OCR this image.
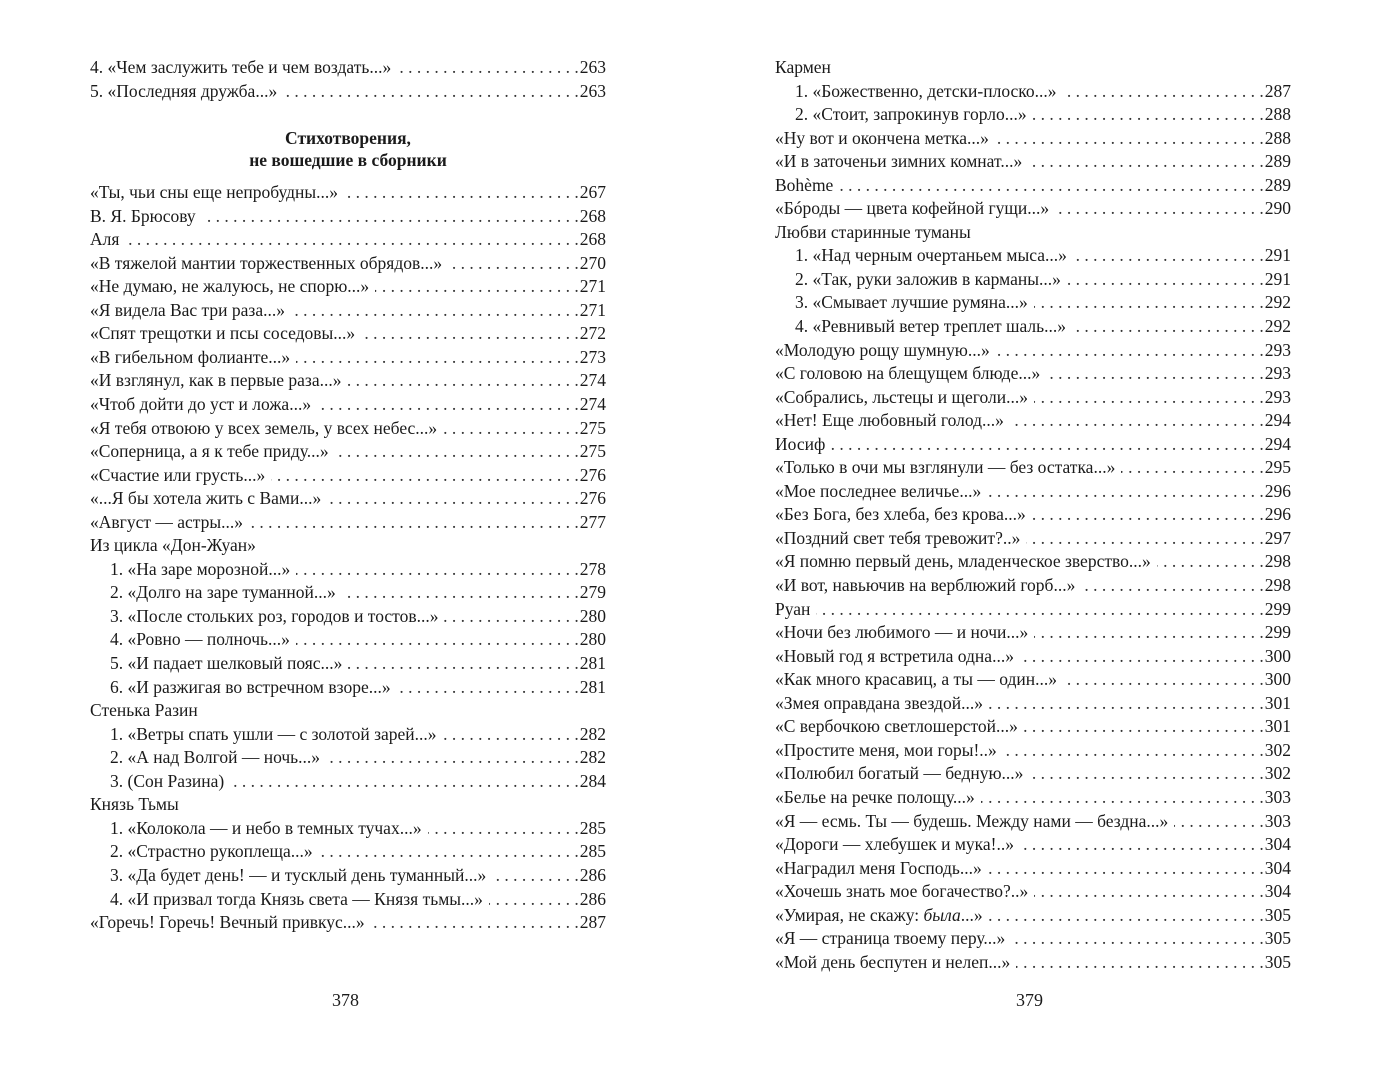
4. «Чем заслужить тебе и чем воздать...» . . .	263
5. «Последняя дружба...» . . .	263
Стихотворения,
не вошедшие в сборники
«Ты, чьи сны еще непробудны...» . . .	267
В. Я. Брюсову . . .	268
Аля . . .	268
«В тяжелой мантии торжественных обрядов...» . . .	270
«Не думаю, не жалуюсь, не спорю...» . . .	271
«Я видела Вас три раза...» . . .	271
«Спят трещотки и псы соседовы...» . . .	272
«В гибельном фолианте...» . . .	273
«И взглянул, как в первые раза...» . . .	274
«Чтоб дойти до уст и ложа...» . . .	274
«Я тебя отвоюю у всех земель, у всех небес...» . . .	275
«Соперница, а я к тебе приду...» . . .	275
«Счастие или грусть...» . . .	276
«...Я бы хотела жить с Вами...» . . .	276
«Август — астры...» . . .	277
Из цикла «Дон-Жуан»
1. «На заре морозной...» . . .	278
2. «Долго на заре туманной...» . . .	279
3. «После стольких роз, городов и тостов...» . . .	280
4. «Ровно — полночь...» . . .	280
5. «И падает шелковый пояс...» . . .	281
6. «И разжигая во встречном взоре...» . . .	281
Стенька Разин
1. «Ветры спать ушли — с золотой зарей...» . . .	282
2. «А над Волгой — ночь...» . . .	282
3. (Сон Разина) . . .	284
Князь Тьмы
1. «Колокола — и небо в темных тучах...» . . .	285
2. «Страстно рукоплеща...» . . .	285
3. «Да будет день! — и тусклый день туманный...» . . .	286
4. «И призвал тогда Князь света — Князя тьмы...» . . .	286
«Горечь! Горечь! Вечный привкус...» . . .	287
Кармен
1. «Божественно, детски-плоско...» . . .	287
2. «Стоит, запрокинув горло...» . . .	288
«Ну вот и окончена метка...» . . .	288
«И в заточеньи зимних комнат...» . . .	289
Bohème . . .	289
«Бóроды — цвета кофейной гущи...» . . .	290
Любви старинные туманы
1. «Над черным очертаньем мыса...» . . .	291
2. «Так, руки заложив в карманы...» . . .	291
3. «Смывает лучшие румяна...» . . .	292
4. «Ревнивый ветер треплет шаль...» . . .	292
«Молодую рощу шумную...» . . .	293
«С головою на блещущем блюде...» . . .	293
«Собрались, льстецы и щеголи...» . . .	293
«Нет! Еще любовный голод...» . . .	294
Иосиф . . .	294
«Только в очи мы взглянули — без остатка...» . . .	295
«Мое последнее величье...» . . .	296
«Без Бога, без хлеба, без крова...» . . .	296
«Поздний свет тебя тревожит?..» . . .	297
«Я помню первый день, младенческое зверство...» . . .	298
«И вот, навьючив на верблюжий горб...» . . .	298
Руан . . .	299
«Ночи без любимого — и ночи...» . . .	299
«Новый год я встретила одна...» . . .	300
«Как много красавиц, а ты — один...» . . .	300
«Змея оправдана звездой...» . . .	301
«С вербочкою светлошерстой...» . . .	301
«Простите меня, мои горы!..» . . .	302
«Полюбил богатый — бедную...» . . .	302
«Белье на речке полощу...» . . .	303
«Я — есмь. Ты — будешь. Между нами — бездна...» . . .	303
«Дороги — хлебушек и мука!..» . . .	304
«Наградил меня Господь...» . . .	304
«Хочешь знать мое богачество?..» . . .	304
«Умирая, не скажу: была...» . . .	305
«Я — страница твоему перу...» . . .	305
«Мой день беспутен и нелеп...» . . .	305
378	379
